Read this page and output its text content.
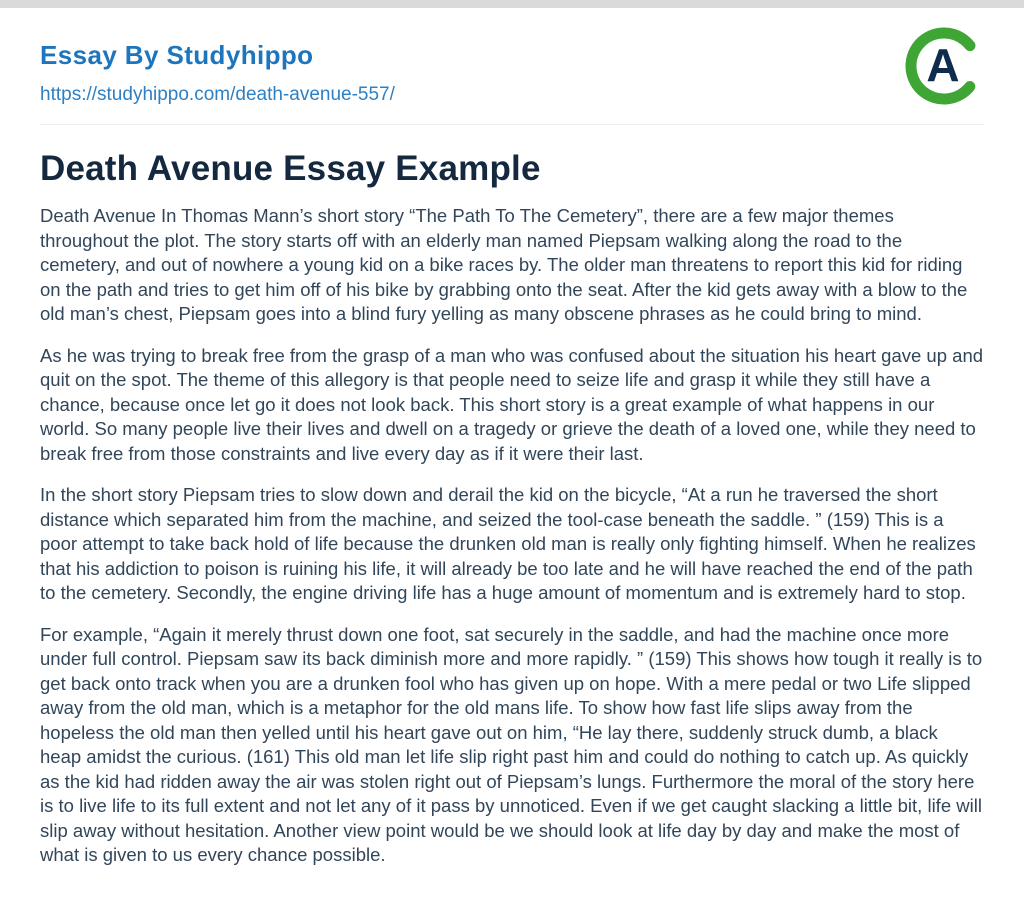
Essay By Studyhippo
https://studyhippo.com/death-avenue-557/
A
Death Avenue Essay Example

Death Avenue In Thomas Mann’s short story “The Path To The Cemetery”, there are a few major themes throughout the plot. The story starts off with an elderly man named Piepsam walking along the road to the cemetery, and out of nowhere a young kid on a bike races by. The older man threatens to report this kid for riding on the path and tries to get him off of his bike by grabbing onto the seat. After the kid gets away with a blow to the old man’s chest, Piepsam goes into a blind fury yelling as many obscene phrases as he could bring to mind.

As he was trying to break free from the grasp of a man who was confused about the situation his heart gave up and quit on the spot. The theme of this allegory is that people need to seize life and grasp it while they still have a chance, because once let go it does not look back. This short story is a great example of what happens in our world. So many people live their lives and dwell on a tragedy or grieve the death of a loved one, while they need to break free from those constraints and live every day as if it were their last.

In the short story Piepsam tries to slow down and derail the kid on the bicycle, “At a run he traversed the short distance which separated him from the machine, and seized the tool-case beneath the saddle. ” (159) This is a poor attempt to take back hold of life because the drunken old man is really only fighting himself. When he realizes that his addiction to poison is ruining his life, it will already be too late and he will have reached the end of the path to the cemetery. Secondly, the engine driving life has a huge amount of momentum and is extremely hard to stop.

For example, “Again it merely thrust down one foot, sat securely in the saddle, and had the machine once more under full control. Piepsam saw its back diminish more and more rapidly. ” (159) This shows how tough it really is to get back onto track when you are a drunken fool who has given up on hope. With a mere pedal or two Life slipped away from the old man, which is a metaphor for the old mans life. To show how fast life slips away from the hopeless the old man then yelled until his heart gave out on him, “He lay there, suddenly struck dumb, a black heap amidst the curious. (161) This old man let life slip right past him and could do nothing to catch up. As quickly as the kid had ridden away the air was stolen right out of Piepsam’s lungs. Furthermore the moral of the story here is to live life to its full extent and not let any of it pass by unnoticed. Even if we get caught slacking a little bit, life will slip away without hesitation. Another view point would be we should look at life day by day and make the most of what is given to us every chance possible.
